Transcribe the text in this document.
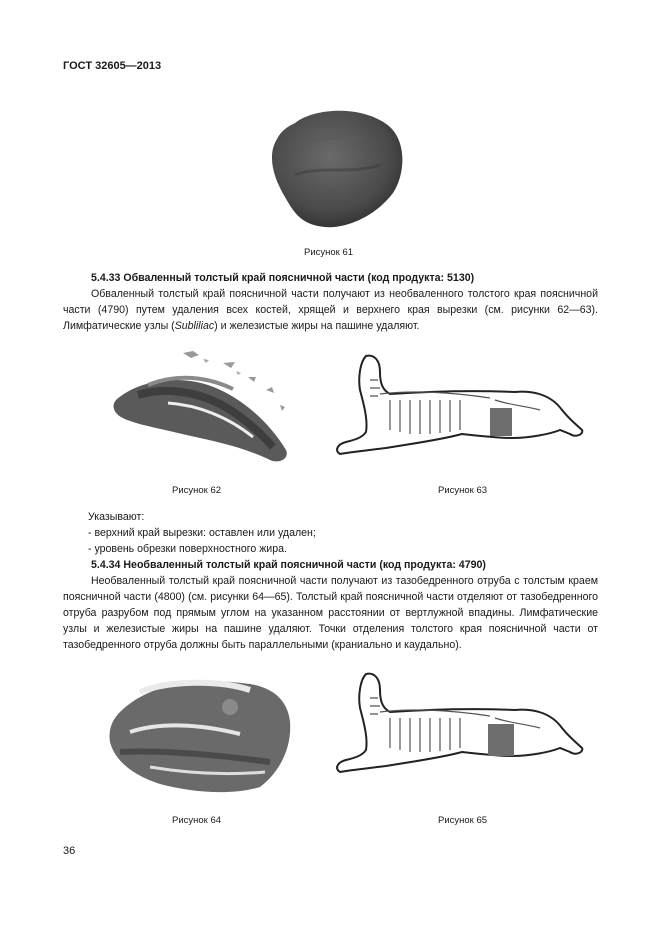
ГОСТ 32605—2013
Рисунок 61

5.4.33 Обваленный толстый край поясничной части (код продукта: 5130)

Обваленный толстый край поясничной части получают из необваленного толстого края поясничной части (4790) путем удаления всех костей, хрящей и верхнего края вырезки (см. рисунки 62—63). Лимфатические узлы (Subliliac) и железистые жиры на пашине удаляют.

Рисунок 62	Рисунок 63
Указывают:
- верхний край вырезки: оставлен или удален;
- уровень обрезки поверхностного жира.

5.4.34 Необваленный толстый край поясничной части (код продукта: 4790)

Необваленный толстый край поясничной части получают из тазобедренного отруба с толстым краем поясничной части (4800) (см. рисунки 64—65). Толстый край поясничной части отделяют от тазобедренного отруба разрубом под прямым углом на указанном расстоянии от вертлужной впадины. Лимфатические узлы и железистые жиры на пашине удаляют. Точки отделения толстого края поясничной части от тазобедренного отруба должны быть параллельными (краниально и каудально).

Рисунок 64	Рисунок 65
36
